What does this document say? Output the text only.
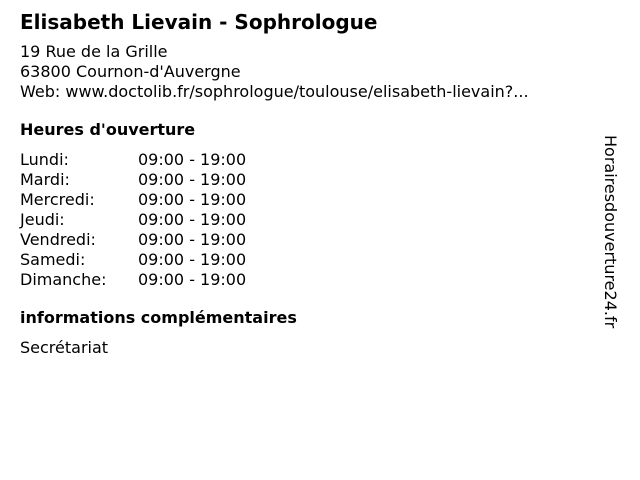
Elisabeth Lievain - Sophrologue
19 Rue de la Grille
63800 Cournon-d'Auvergne
Web: www.doctolib.fr/sophrologue/toulouse/elisabeth-lievain?...
Heures d'ouverture
Lundi:	09:00 - 19:00
Mardi:	09:00 - 19:00
Mercredi:	09:00 - 19:00
Jeudi:	09:00 - 19:00
Vendredi:	09:00 - 19:00
Samedi:	09:00 - 19:00
Dimanche:	09:00 - 19:00
informations complémentaires
Secrétariat
Horairesdouverture24.fr
